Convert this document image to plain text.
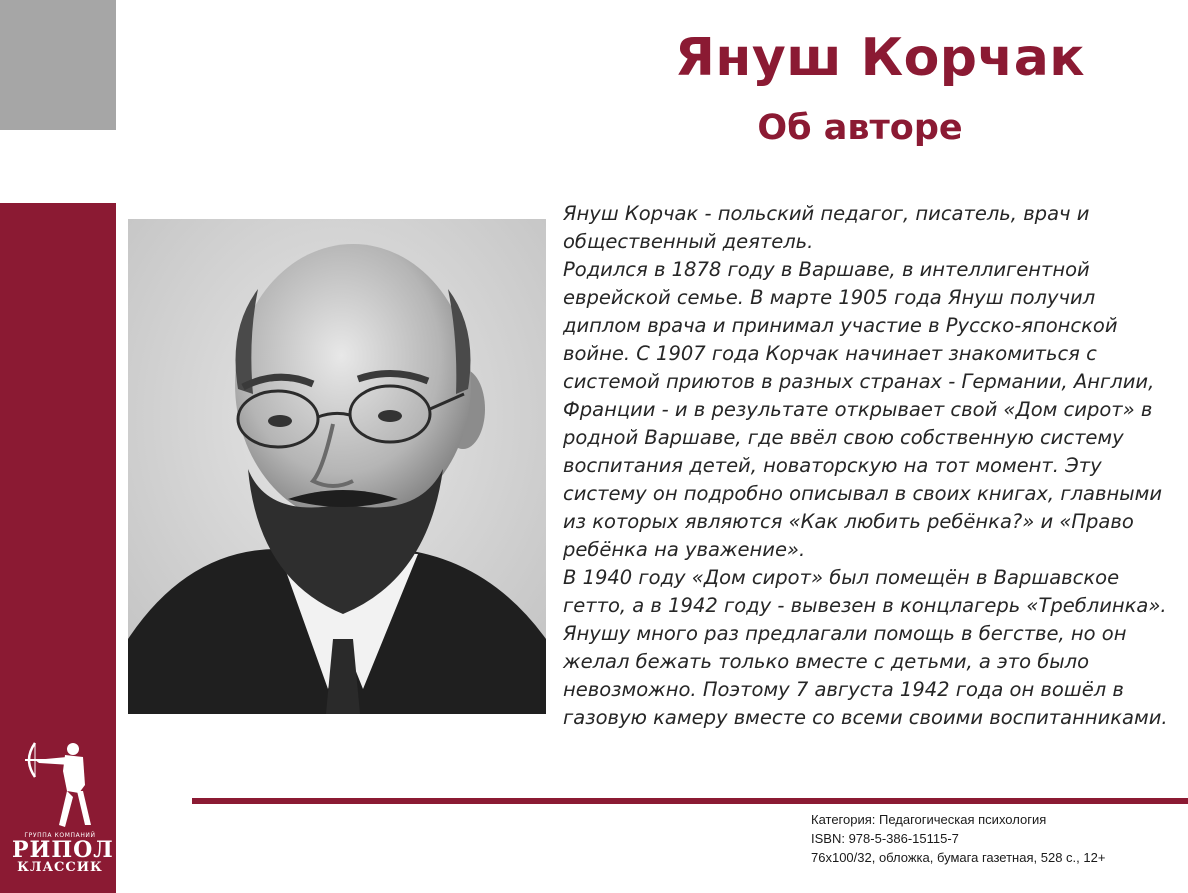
Януш Корчак
Об авторе

Януш Корчак - польский педагог, писатель, врач и общественный деятель.

Родился в 1878 году в Варшаве, в интеллигентной еврейской семье. В марте 1905 года Януш получил диплом врача и принимал участие в Русско-японской войне. С 1907 года Корчак начинает знакомиться с системой приютов в разных странах - Германии, Англии, Франции - и в результате открывает свой «Дом сирот» в родной Варшаве, где ввёл свою собственную систему воспитания детей, новаторскую на тот момент. Эту систему он подробно описывал в своих книгах, главными из которых являются «Как любить ребёнка?» и «Право ребёнка на уважение».

В 1940 году «Дом сирот» был помещён в Варшавское гетто, а в 1942 году - вывезен в концлагерь «Треблинка». Янушу много раз предлагали помощь в бегстве, но он желал бежать только вместе с детьми, а это было невозможно. Поэтому 7 августа 1942 года он вошёл в газовую камеру вместе со всеми своими воспитанниками.

Категория: Педагогическая психология
ISBN: 978-5-386-15115-7
76х100/32, обложка, бумага газетная, 528 с., 12+
ГРУППА КОМПАНИЙ
РИПОЛ
КЛАССИК
